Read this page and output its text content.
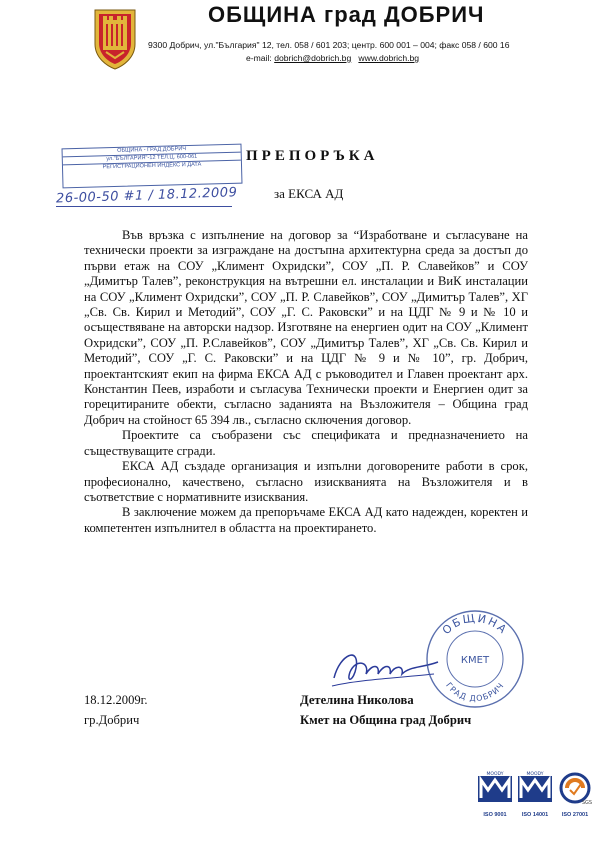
ОБЩИНА град ДОБРИЧ
9300 Добрич, ул."България" 12, тел. 058 / 601 203; центр. 600 001 – 004; факс 058 / 600 16
e-mail: dobrich@dobrich.bg www.dobrich.bg
ОБЩИНА - ГРАД ДОБРИЧ
ул."БЪЛГАРИЯ"-12 ТЕЛ.Ц. 600-061
РЕГИСТРАЦИОНЕН ИНДЕКС И ДАТА
26-00-50 #1 / 18.12.2009
ПРЕПОРЪКА
за ЕКСА АД

Във връзка с изпълнение на договор за “Изработване и съгласуване на технически проекти за изграждане на достъпна архитектурна среда за достъп до първи етаж на СОУ „Климент Охридски”, СОУ „П. Р. Славейков” и СОУ „Димитър Талев”, реконструкция на вътрешни ел. инсталации и ВиК инсталации на СОУ „Климент Охридски”, СОУ „П. Р. Славейков”, СОУ „Димитър Талев”, ХГ „Св. Св. Кирил и Методий”, СОУ „Г. С. Раковски” и на ЦДГ № 9 и № 10 и осъществяване на авторски надзор. Изготвяне на енергиен одит на СОУ „Климент Охридски”, СОУ „П. Р.Славейков”, СОУ „Димитър Талев”, ХГ „Св. Св. Кирил и Методий”, СОУ „Г. С. Раковски” и на ЦДГ № 9 и № 10”, гр. Добрич, проектантският екип на фирма ЕКСА АД с ръководител и Главен проектант арх. Константин Пеев, изработи и съгласува Технически проекти и Енергиен одит за горецитираните обекти, съгласно заданията на Възложителя – Община град Добрич на стойност 65 394 лв., съгласно сключения договор.

Проектите са съобразени със спецификата и предназначението на съществуващите сгради.

ЕКСА АД създаде организация и изпълни договорените работи в срок, професионално, качествено, съгласно изискванията на Възложителя и в съответствие с нормативните изисквания.

В заключение можем да препоръчаме ЕКСА АД като надежден, коректен и компетентен изпълнител в областта на проектирането.

ОБЩИНА
ГРАД ДОБРИЧ
КМЕТ
18.12.2009г.
гр.Добрич
Детелина Николова
Кмет на Община град Добрич
MOODY
ISO 9001
MOODY
ISO 14001
SGS
ISO 27001
